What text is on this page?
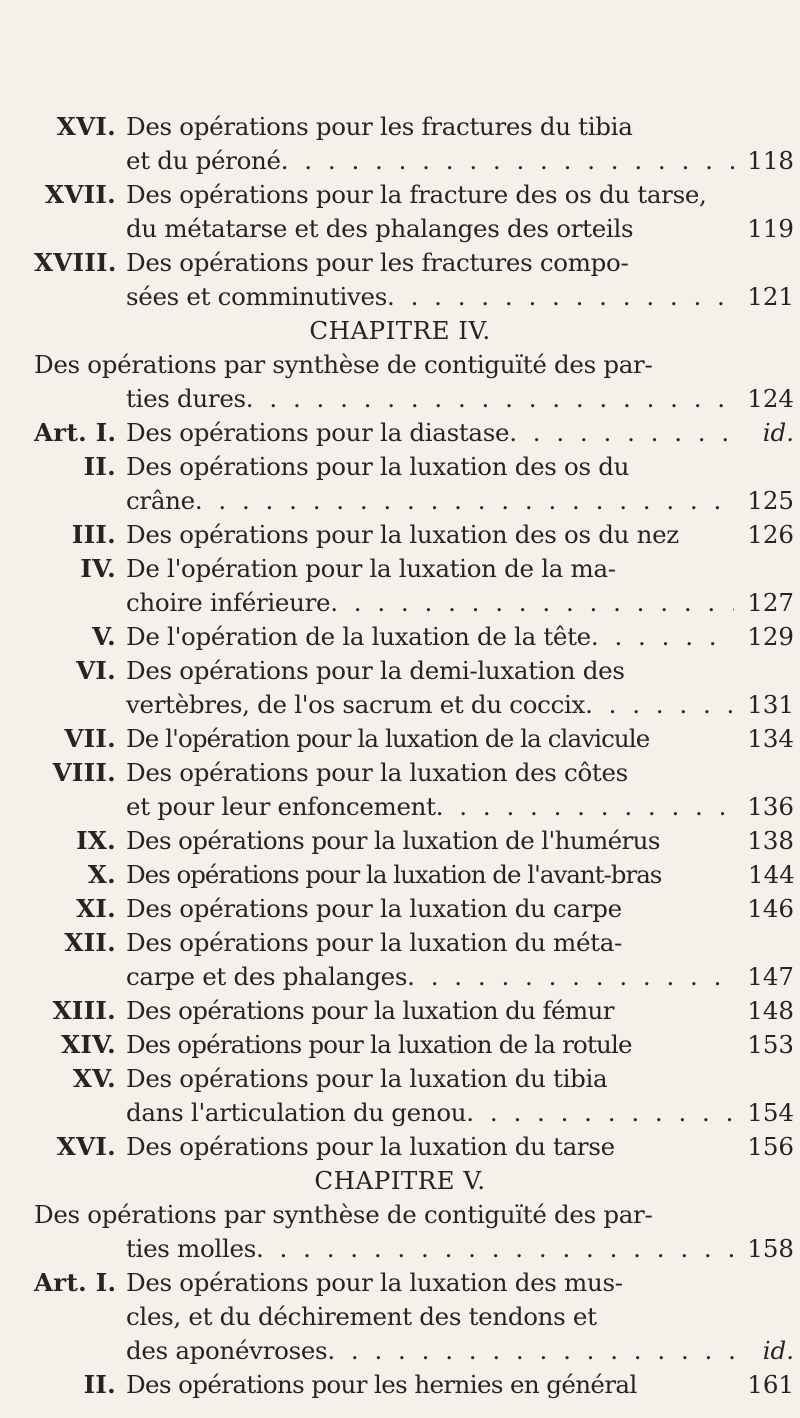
XVI. Des opérations pour les fractures du tibia
et du péroné . . .	118
XVII. Des opérations pour la fracture des os du tarse,
du métatarse et des phalanges des orteils	119
XVIII. Des opérations pour les fractures compo-
sées et comminutives . . .	121
CHAPITRE IV.
Des opérations par synthèse de contiguïté des par-
ties dures . . .	124
Art. I. Des opérations pour la diastase . . .	id.
II. Des opérations pour la luxation des os du
crâne . . .	125
III. Des opérations pour la luxation des os du nez	126
IV. De l'opération pour la luxation de la ma-
choire inférieure . . .	127
V. De l'opération de la luxation de la tête . . .	129
VI. Des opérations pour la demi-luxation des
vertèbres, de l'os sacrum et du coccix . . .	131
VII. De l'opération pour la luxation de la clavicule	134
VIII. Des opérations pour la luxation des côtes
et pour leur enfoncement . . .	136
IX. Des opérations pour la luxation de l'humérus	138
X. Des opérations pour la luxation de l'avant-bras	144
XI. Des opérations pour la luxation du carpe	146
XII. Des opérations pour la luxation du méta-
carpe et des phalanges . . .	147
XIII. Des opérations pour la luxation du fémur	148
XIV. Des opérations pour la luxation de la rotule	153
XV. Des opérations pour la luxation du tibia
dans l'articulation du genou . . .	154
XVI. Des opérations pour la luxation du tarse	156
CHAPITRE V.
Des opérations par synthèse de contiguïté des par-
ties molles . . .	158
Art. I. Des opérations pour la luxation des mus-
cles, et du déchirement des tendons et
des aponévroses . . .	id.
II. Des opérations pour les hernies en général	161
